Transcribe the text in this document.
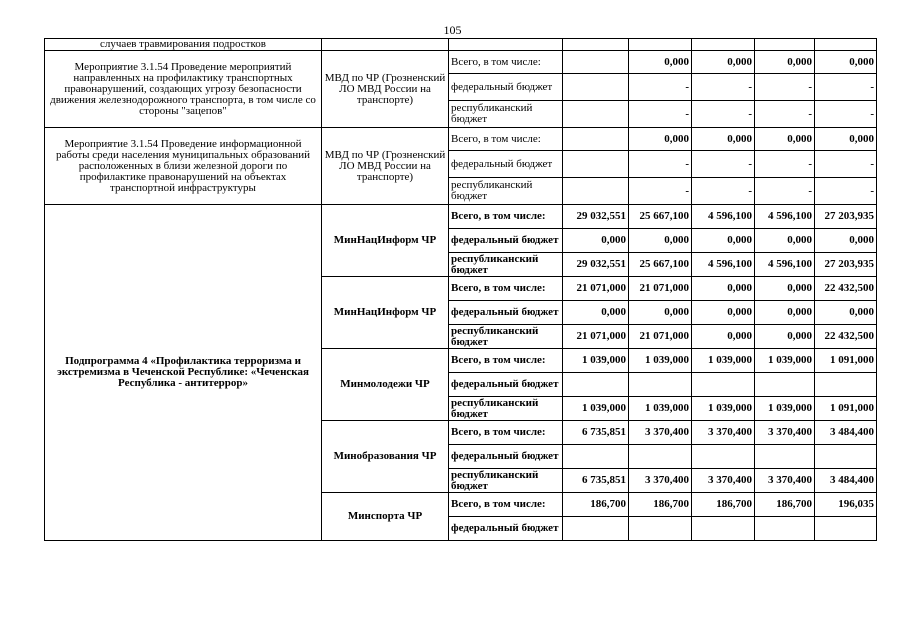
105
случаев травмирования подростков							
Мероприятие 3.1.54 Проведение мероприятий направленных на профилактику транспортных правонарушений, создающих угрозу безопасности движения железнодорожного транспорта, в том числе со стороны "зацепов"	МВД по ЧР (Грозненский ЛО МВД России на транспорте)	Всего, в том числе:		0,000	0,000	0,000	0,000
		федеральный бюджет		-	-	-	-
		республиканский бюджет		-	-	-	-
Мероприятие 3.1.54 Проведение информационной работы среди населения муниципальных образований расположенных в близи железной дороги по профилактике правонарушений на объектах транспортной инфраструктуры	МВД по ЧР (Грозненский ЛО МВД России на транспорте)	Всего, в том числе:		0,000	0,000	0,000	0,000
		федеральный бюджет		-	-	-	-
		республиканский бюджет		-	-	-	-
Подпрограмма 4 «Профилактика терроризма и экстремизма в Чеченской Республике: «Чеченская Республика - антитеррор»	МинНацИнформ ЧР	Всего, в том числе:	29 032,551	25 667,100	4 596,100	4 596,100	27 203,935
		федеральный бюджет	0,000	0,000	0,000	0,000	0,000
		республиканский бюджет	29 032,551	25 667,100	4 596,100	4 596,100	27 203,935
	МинНацИнформ ЧР	Всего, в том числе:	21 071,000	21 071,000	0,000	0,000	22 432,500
		федеральный бюджет	0,000	0,000	0,000	0,000	0,000
		республиканский бюджет	21 071,000	21 071,000	0,000	0,000	22 432,500
	Минмолодежи ЧР	Всего, в том числе:	1 039,000	1 039,000	1 039,000	1 039,000	1 091,000
		федеральный бюджет					
		республиканский бюджет	1 039,000	1 039,000	1 039,000	1 039,000	1 091,000
	Минобразования ЧР	Всего, в том числе:	6 735,851	3 370,400	3 370,400	3 370,400	3 484,400
		федеральный бюджет					
		республиканский бюджет	6 735,851	3 370,400	3 370,400	3 370,400	3 484,400
	Минспорта ЧР	Всего, в том числе:	186,700	186,700	186,700	186,700	196,035
		федеральный бюджет					
